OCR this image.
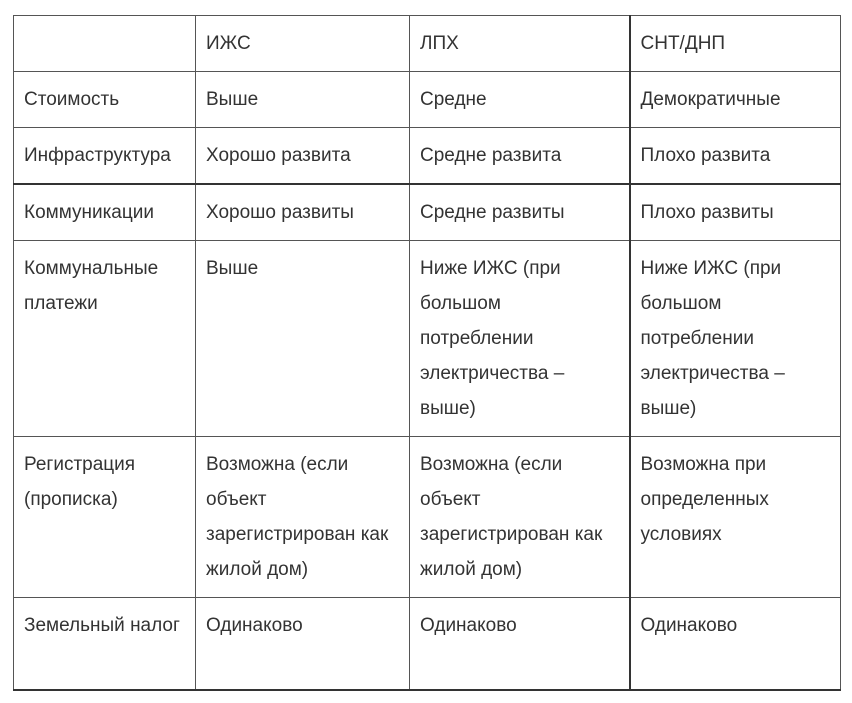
	ИЖС	ЛПХ	СНТ/ДНП
Стоимость	Выше	Средне	Демократичные
Инфраструктура	Хорошо развита	Средне развита	Плохо развита
Коммуникации	Хорошо развиты	Средне развиты	Плохо развиты
Коммунальные платежи	Выше	Ниже ИЖС (при большом потреблении электричества – выше)	Ниже ИЖС (при большом потреблении электричества – выше)
Регистрация (прописка)	Возможна (если объект зарегистрирован как жилой дом)	Возможна (если объект зарегистрирован как жилой дом)	Возможна при определенных условиях
Земельный налог	Одинаково	Одинаково	Одинаково
